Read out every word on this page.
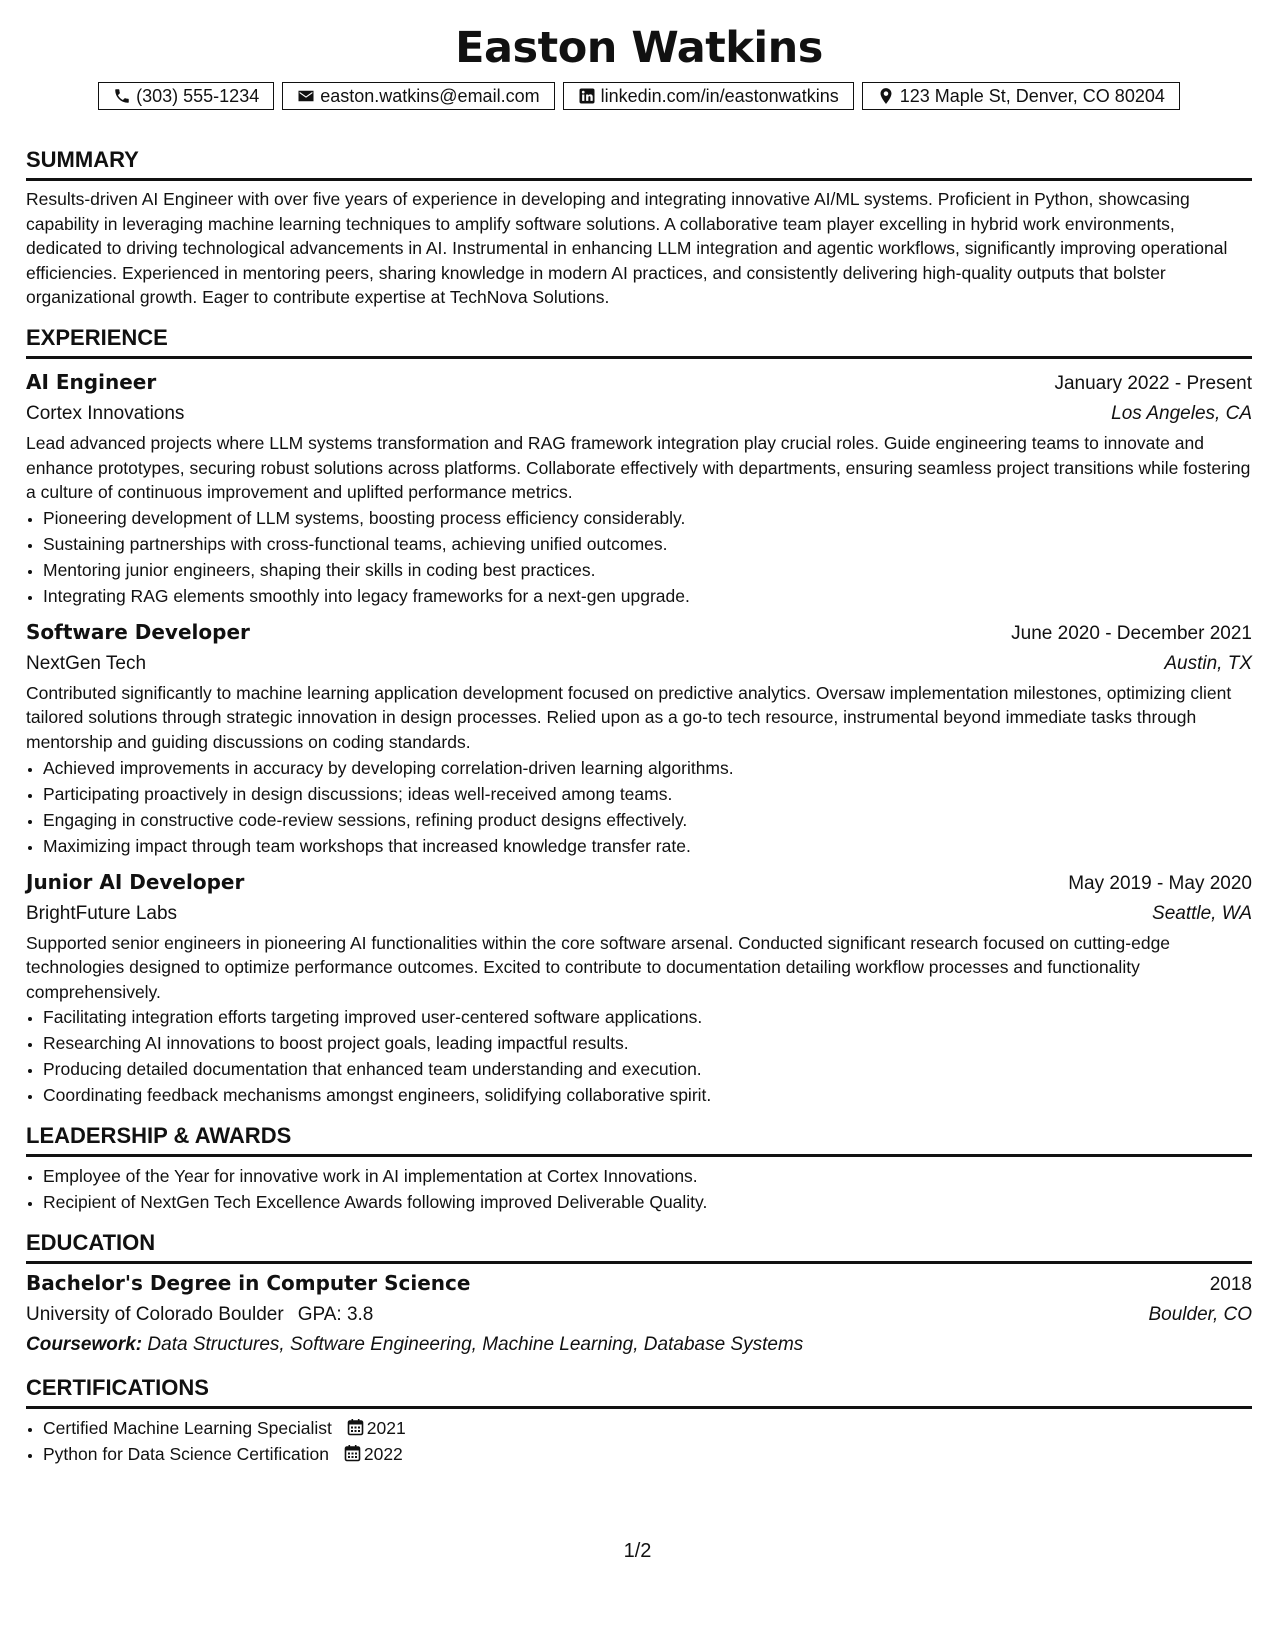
Easton Watkins
(303) 555-1234	easton.watkins@email.com	linkedin.com/in/eastonwatkins	123 Maple St, Denver, CO 80204
SUMMARY

Results-driven AI Engineer with over five years of experience in developing and integrating innovative AI/ML systems. Proficient in Python, showcasing capability in leveraging machine learning techniques to amplify software solutions. A collaborative team player excelling in hybrid work environments, dedicated to driving technological advancements in AI. Instrumental in enhancing LLM integration and agentic workflows, significantly improving operational efficiencies. Experienced in mentoring peers, sharing knowledge in modern AI practices, and consistently delivering high-quality outputs that bolster organizational growth. Eager to contribute expertise at TechNova Solutions.

EXPERIENCE
AI Engineer	January 2022 - Present
Cortex Innovations	Los Angeles, CA

Lead advanced projects where LLM systems transformation and RAG framework integration play crucial roles. Guide engineering teams to innovate and enhance prototypes, securing robust solutions across platforms. Collaborate effectively with departments, ensuring seamless project transitions while fostering a culture of continuous improvement and uplifted performance metrics.

• Pioneering development of LLM systems, boosting process efficiency considerably.
• Sustaining partnerships with cross-functional teams, achieving unified outcomes.
• Mentoring junior engineers, shaping their skills in coding best practices.
• Integrating RAG elements smoothly into legacy frameworks for a next-gen upgrade.
Software Developer	June 2020 - December 2021
NextGen Tech	Austin, TX

Contributed significantly to machine learning application development focused on predictive analytics. Oversaw implementation milestones, optimizing client tailored solutions through strategic innovation in design processes. Relied upon as a go-to tech resource, instrumental beyond immediate tasks through mentorship and guiding discussions on coding standards.

• Achieved improvements in accuracy by developing correlation-driven learning algorithms.
• Participating proactively in design discussions; ideas well-received among teams.
• Engaging in constructive code-review sessions, refining product designs effectively.
• Maximizing impact through team workshops that increased knowledge transfer rate.
Junior AI Developer	May 2019 - May 2020
BrightFuture Labs	Seattle, WA

Supported senior engineers in pioneering AI functionalities within the core software arsenal. Conducted significant research focused on cutting-edge technologies designed to optimize performance outcomes. Excited to contribute to documentation detailing workflow processes and functionality comprehensively.

• Facilitating integration efforts targeting improved user-centered software applications.
• Researching AI innovations to boost project goals, leading impactful results.
• Producing detailed documentation that enhanced team understanding and execution.
• Coordinating feedback mechanisms amongst engineers, solidifying collaborative spirit.
LEADERSHIP & AWARDS
• Employee of the Year for innovative work in AI implementation at Cortex Innovations.
• Recipient of NextGen Tech Excellence Awards following improved Deliverable Quality.
EDUCATION
Bachelor's Degree in Computer Science	2018
University of Colorado Boulder GPA: 3.8	Boulder, CO
Coursework: Data Structures, Software Engineering, Machine Learning, Database Systems
CERTIFICATIONS
• Certified Machine Learning Specialist 2021
• Python for Data Science Certification 2022
1/2
